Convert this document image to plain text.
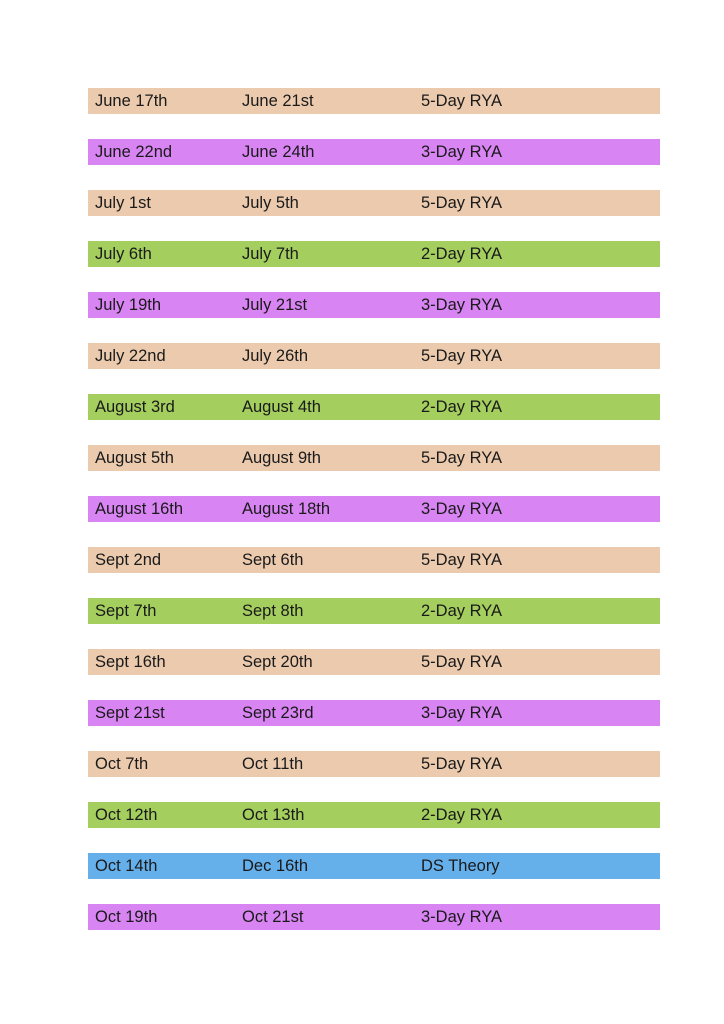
June 17th	June 21st	5-Day RYA
June 22nd	June 24th	3-Day RYA
July 1st	July 5th	5-Day RYA
July 6th	July 7th	2-Day RYA
July 19th	July 21st	3-Day RYA
July 22nd	July 26th	5-Day RYA
August 3rd	August 4th	2-Day RYA
August 5th	August 9th	5-Day RYA
August 16th	August 18th	3-Day RYA
Sept 2nd	Sept 6th	5-Day RYA
Sept 7th	Sept 8th	2-Day RYA
Sept 16th	Sept 20th	5-Day RYA
Sept 21st	Sept 23rd	3-Day RYA
Oct 7th	Oct 11th	5-Day RYA
Oct 12th	Oct 13th	2-Day RYA
Oct 14th	Dec 16th	DS Theory
Oct 19th	Oct 21st	3-Day RYA
